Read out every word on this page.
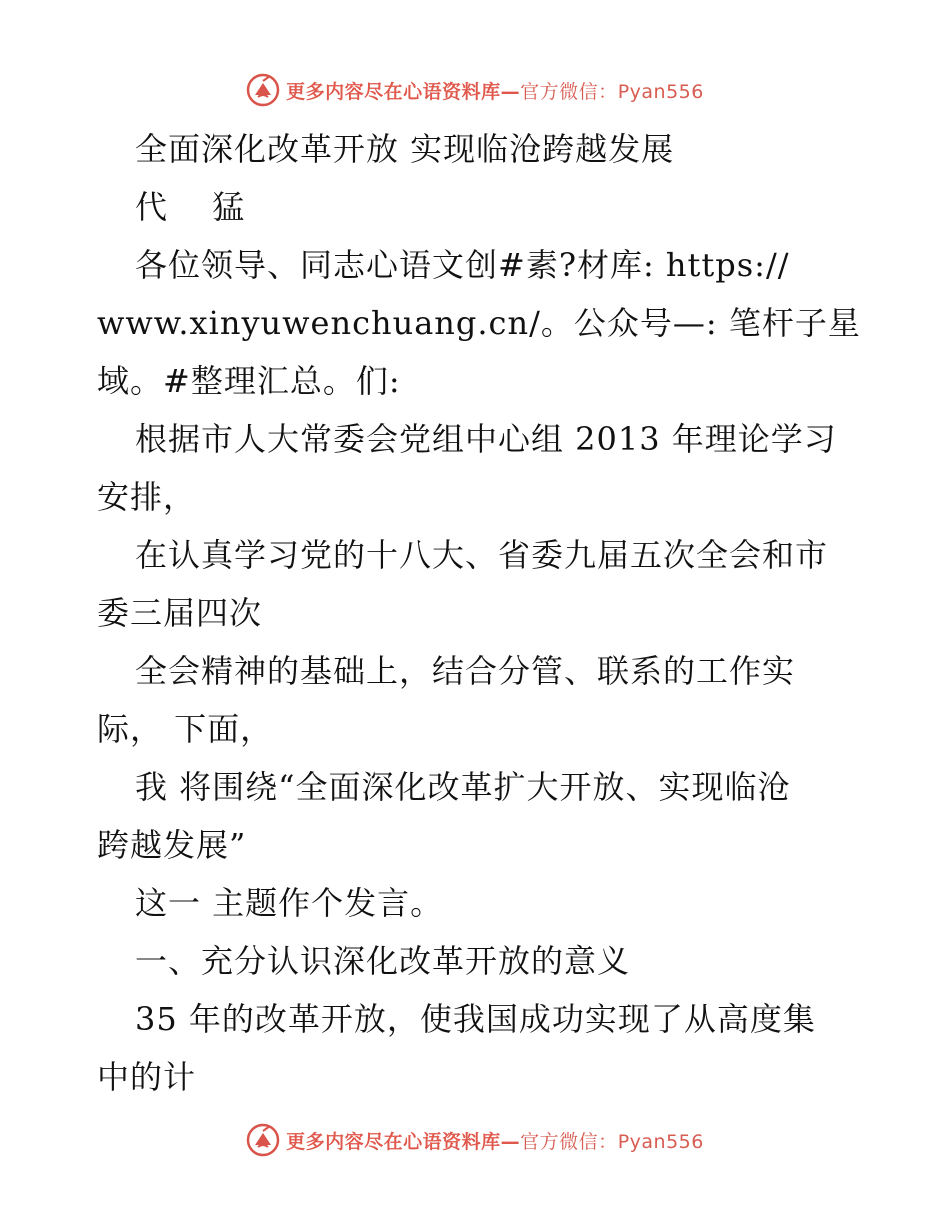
更多内容尽在心语资料库—官方微信：Pyan556
全面深化改革开放 实现临沧跨越发展
代　 猛
各位领导、同志心语文创#素?材库: https://
www.xinyuwenchuang.cn/。公众号—: 笔杆子星
域。#整理汇总。们:
根据市人大常委会党组中心组 2013 年理论学习
安排，
在认真学习党的十八大、省委九届五次全会和市
委三届四次
全会精神的基础上，结合分管、联系的工作实
际， 下面，
我 将围绕“全面深化改革扩大开放、实现临沧
跨越发展”
这一 主题作个发言。
一、充分认识深化改革开放的意义
35 年的改革开放，使我国成功实现了从高度集
中的计
更多内容尽在心语资料库—官方微信：Pyan556
